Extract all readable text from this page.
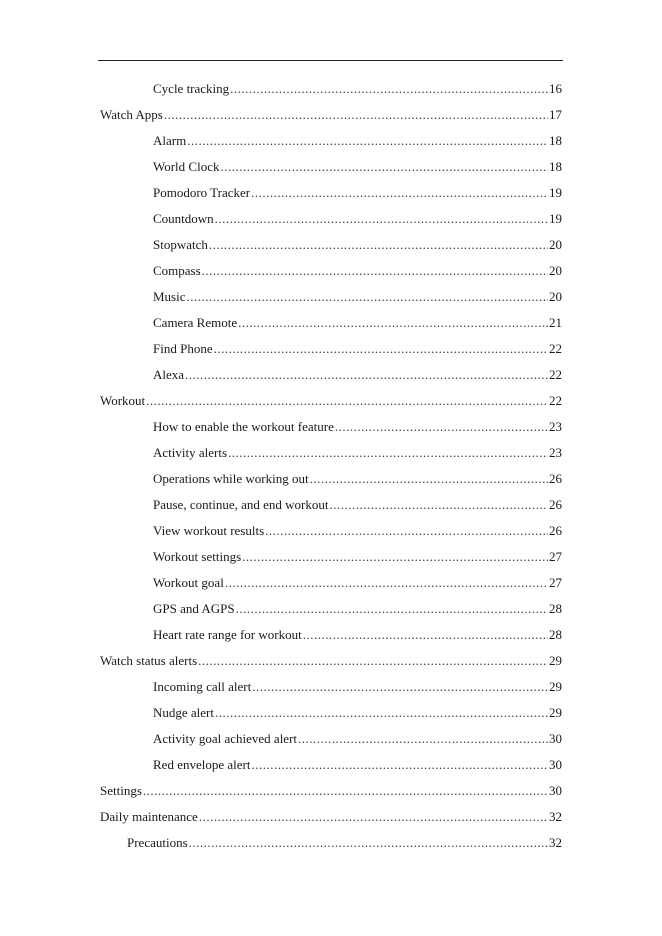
Cycle tracking .....	16
Watch Apps .....	17
Alarm .....	18
World Clock .....	18
Pomodoro Tracker .....	19
Countdown .....	19
Stopwatch .....	20
Compass .....	20
Music .....	20
Camera Remote .....	21
Find Phone .....	22
Alexa .....	22
Workout .....	22
How to enable the workout feature .....	23
Activity alerts .....	23
Operations while working out .....	26
Pause, continue, and end workout .....	26
View workout results .....	26
Workout settings .....	27
Workout goal .....	27
GPS and AGPS .....	28
Heart rate range for workout .....	28
Watch status alerts .....	29
Incoming call alert .....	29
Nudge alert .....	29
Activity goal achieved alert .....	30
Red envelope alert .....	30
Settings .....	30
Daily maintenance .....	32
Precautions .....	32
